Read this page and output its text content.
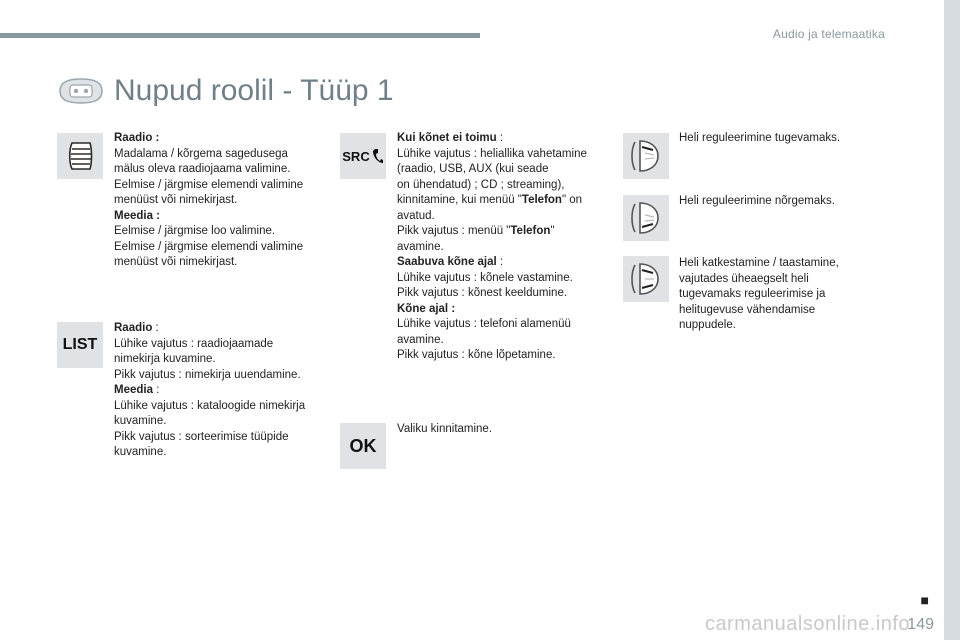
Audio ja telemaatika
Nupud roolil - Tüüp 1
LIST
SRC
OK
Raadio :
Madalama / kõrgema sagedusega
mälus oleva raadiojaama valimine.
Eelmise / järgmise elemendi valimine
menüüst või nimekirjast.
Meedia :
Eelmise / järgmise loo valimine.
Eelmise / järgmise elemendi valimine
menüüst või nimekirjast.
Raadio :
Lühike vajutus : raadiojaamade
nimekirja kuvamine.
Pikk vajutus : nimekirja uuendamine.
Meedia :
Lühike vajutus : kataloogide nimekirja
kuvamine.
Pikk vajutus : sorteerimise tüüpide
kuvamine.
Kui kõnet ei toimu :
Lühike vajutus : heliallika vahetamine
(raadio, USB, AUX (kui seade
on ühendatud) ; CD ; streaming),
kinnitamine, kui menüü "Telefon" on
avatud.
Pikk vajutus : menüü "Telefon"
avamine.
Saabuva kõne ajal :
Lühike vajutus : kõnele vastamine.
Pikk vajutus : kõnest keeldumine.
Kõne ajal :
Lühike vajutus : telefoni alamenüü
avamine.
Pikk vajutus : kõne lõpetamine.
Valiku kinnitamine.
Heli reguleerimine tugevamaks.
Heli reguleerimine nõrgemaks.
Heli katkestamine / taastamine,
vajutades üheaegselt heli
tugevamaks reguleerimise ja
helitugevuse vähendamise
nuppudele.
■
carmanualsonline.info
149
